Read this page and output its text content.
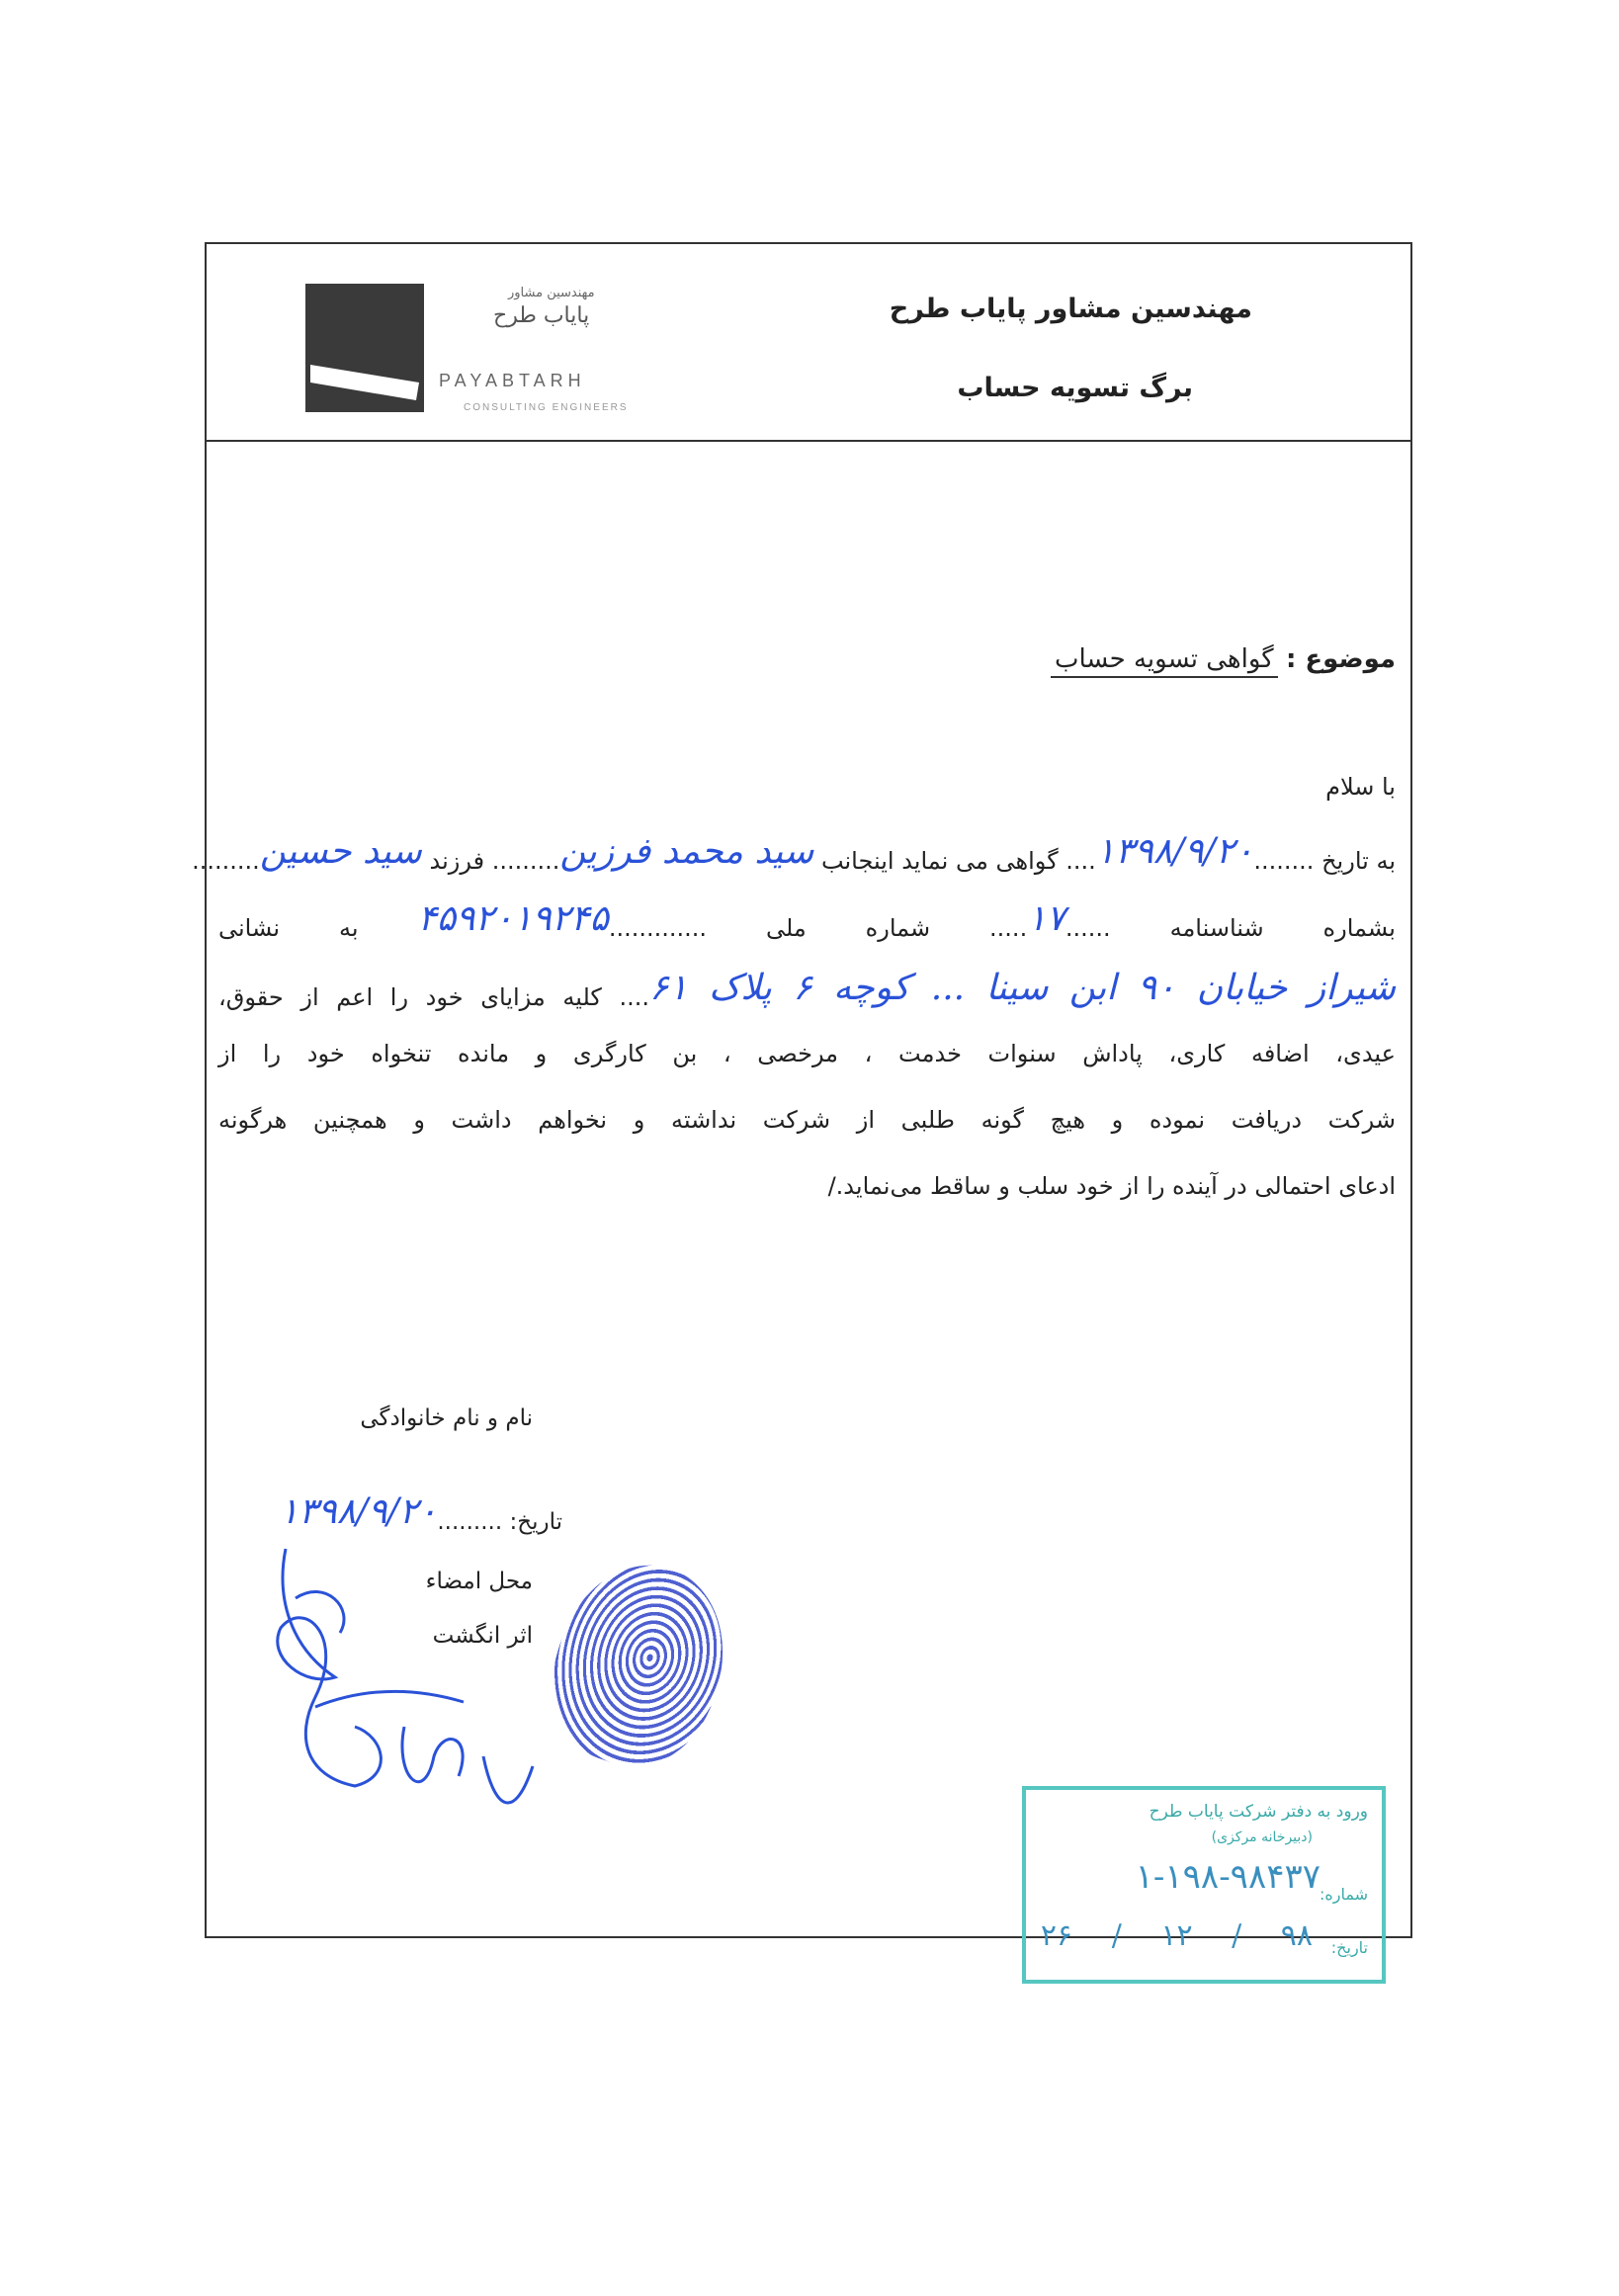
مهندسین مشاور
پایاب طرح
PAYABTARH
CONSULTING ENGINEERS
مهندسین مشاور پایاب طرح
برگ تسویه حساب
موضوع : گواهی تسویه حساب
با سلام
به تاریخ ........۱۳۹۸/۹/۲۰.... گواهی می نماید اینجانب سید محمد فرزین......... فرزند سید حسین.........
بشماره شناسنامه ......۱۷..... شماره ملی .............۴۵۹۲۰۱۹۲۴۵ به نشانی
شیراز خیابان ۹۰ ابن سینا ... کوچه ۶ پلاک ۶۱.... کلیه مزایای خود را اعم از حقوق،
عیدی، اضافه کاری، پاداش سنوات خدمت ، مرخصی ، بن کارگری و مانده تنخواه خود را از
شرکت دریافت نموده و هیچ گونه طلبی از شرکت نداشته و نخواهم داشت و همچنین هرگونه
ادعای احتمالی در آینده را از خود سلب و ساقط می‌نماید./
نام و نام خانوادگی
تاریخ: .........۱۳۹۸/۹/۲۰
محل امضاء
اثر انگشت
ورود به دفتر شرکت پایاب طرح
(دبیرخانه مرکزی)
شماره:
۱-۱۹۸-۹۸۴۳۷
تاریخ:
۹۸ / ۱۲ / ۲۶
